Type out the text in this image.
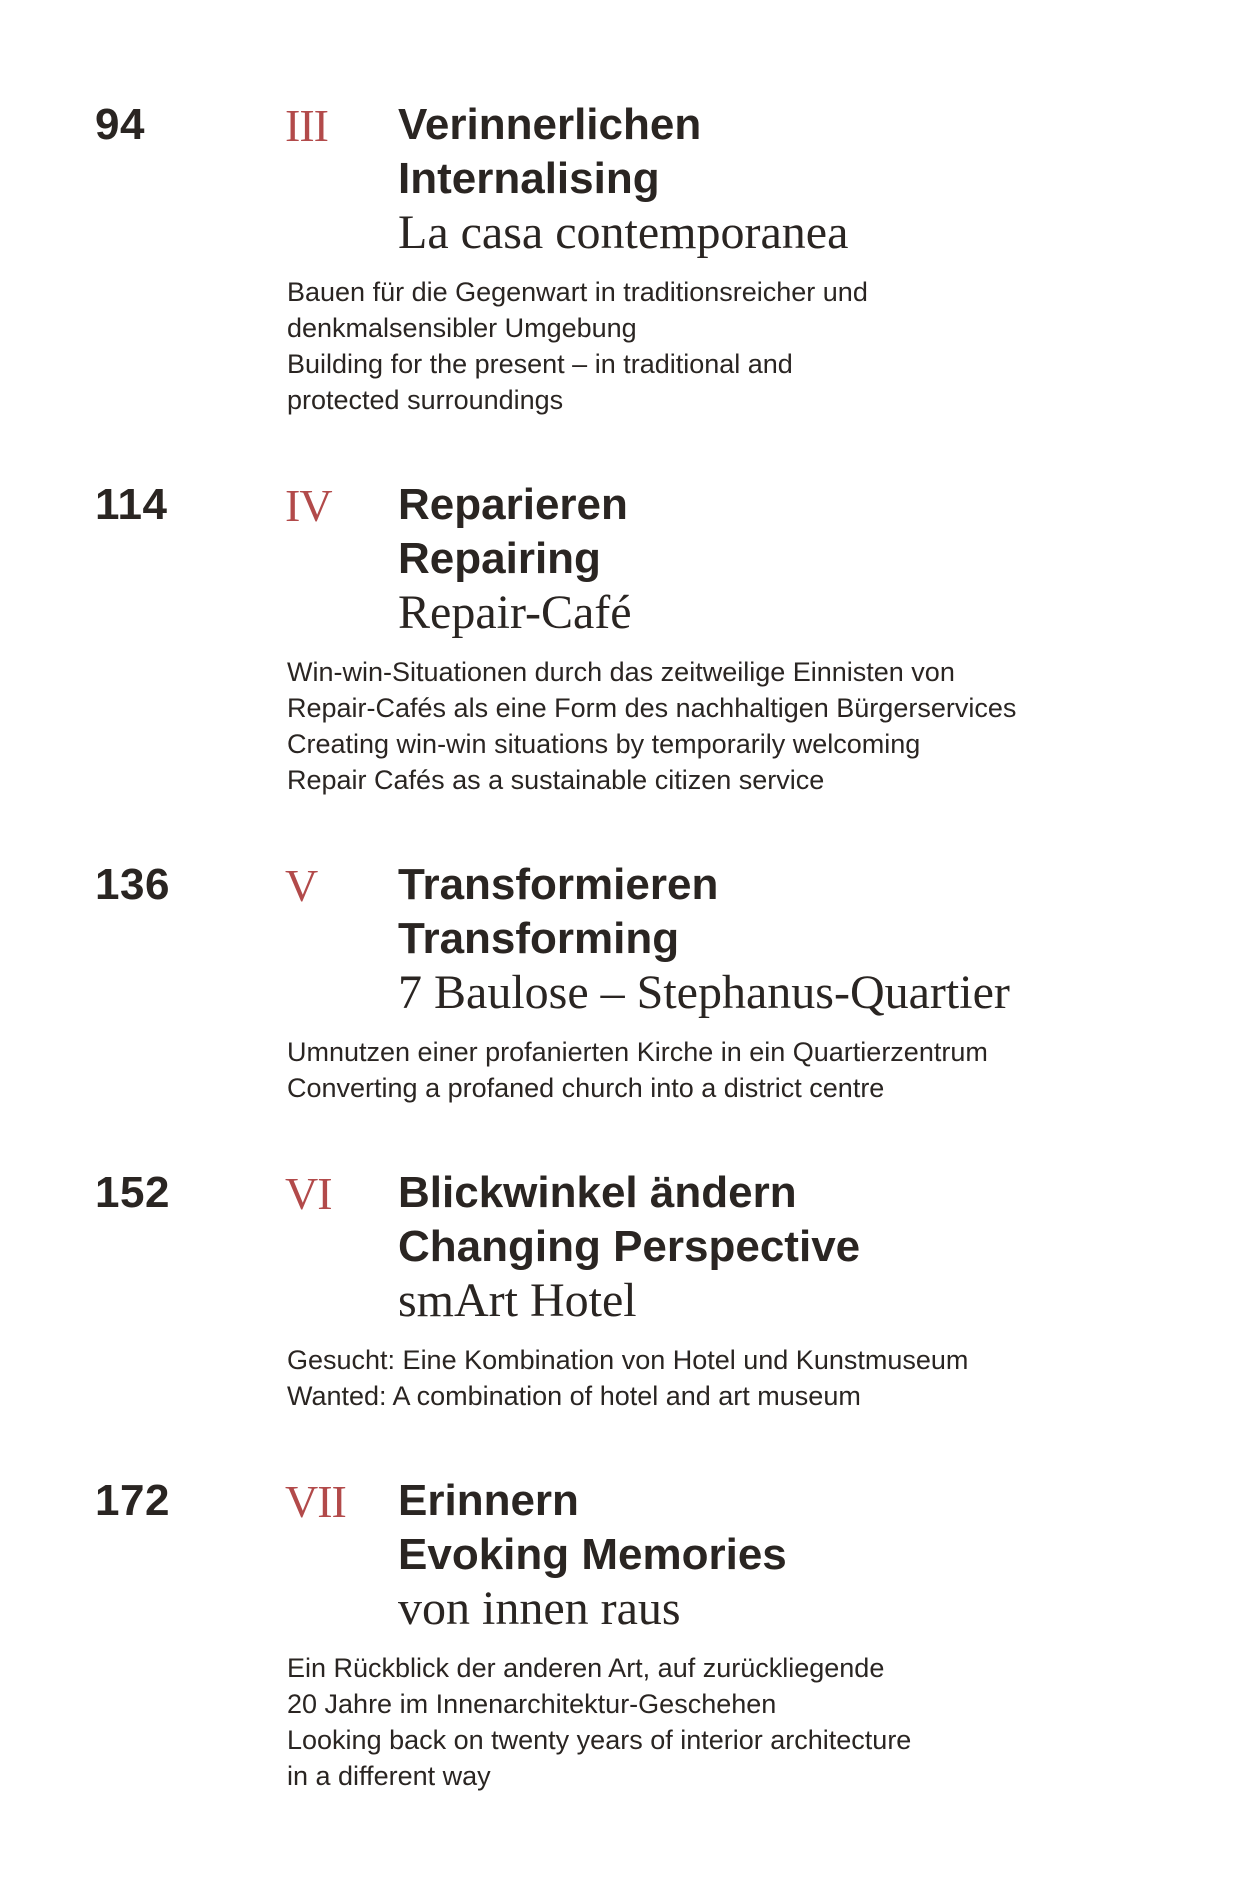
94	III Verinnerlichen
Internalising
La casa contemporanea
Bauen für die Gegenwart in traditionsreicher und
denkmalsensibler Umgebung
Building for the present – in traditional and
protected surroundings
114	IV Reparieren
Repairing
Repair-Café
Win-win-Situationen durch das zeitweilige Einnisten von
Repair-Cafés als eine Form des nachhaltigen Bürgerservices
Creating win-win situations by temporarily welcoming
Repair Cafés as a sustainable citizen service
136	V Transformieren
Transforming
7 Baulose – Stephanus-Quartier
Umnutzen einer profanierten Kirche in ein Quartierzentrum
Converting a profaned church into a district centre
152	VI Blickwinkel ändern
Changing Perspective
smArt Hotel
Gesucht: Eine Kombination von Hotel und Kunstmuseum
Wanted: A combination of hotel and art museum
172	VII Erinnern
Evoking Memories
von innen raus
Ein Rückblick der anderen Art, auf zurückliegende
20 Jahre im Innenarchitektur-Geschehen
Looking back on twenty years of interior architecture
in a different way
